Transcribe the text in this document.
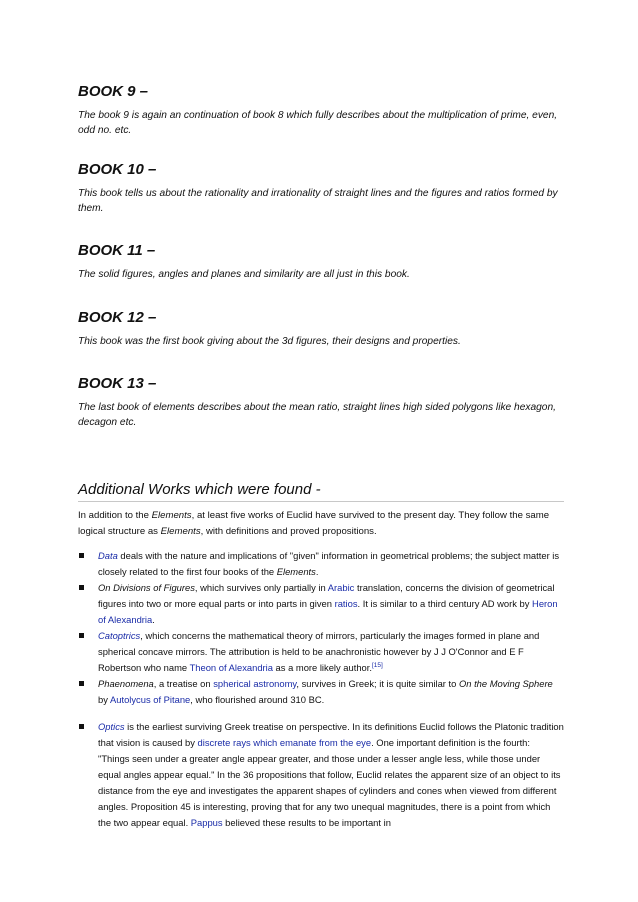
BOOK 9 –

The book 9 is again an continuation of book 8 which fully describes about the multiplication of prime, even, odd no. etc.

BOOK 10 –

This book tells us about the rationality and irrationality of straight lines and the figures and ratios formed by them.

BOOK 11 –

The solid figures, angles and planes and similarity are all just in this book.

BOOK 12 –

This book was the first book giving about the 3d figures, their designs and properties.

BOOK 13 –

The last book of elements describes about the mean ratio, straight lines high sided polygons like hexagon, decagon etc.

Additional Works which were found -

In addition to the Elements, at least five works of Euclid have survived to the present day. They follow the same logical structure as Elements, with definitions and proved propositions.

Data deals with the nature and implications of "given" information in geometrical problems; the subject matter is closely related to the first four books of the Elements.
On Divisions of Figures, which survives only partially in Arabic translation, concerns the division of geometrical figures into two or more equal parts or into parts in given ratios. It is similar to a third century AD work by Heron of Alexandria.
Catoptrics, which concerns the mathematical theory of mirrors, particularly the images formed in plane and spherical concave mirrors. The attribution is held to be anachronistic however by J J O'Connor and E F Robertson who name Theon of Alexandria as a more likely author.[15]
Phaenomena, a treatise on spherical astronomy, survives in Greek; it is quite similar to On the Moving Sphere by Autolycus of Pitane, who flourished around 310 BC.
Optics is the earliest surviving Greek treatise on perspective. In its definitions Euclid follows the Platonic tradition that vision is caused by discrete rays which emanate from the eye. One important definition is the fourth: "Things seen under a greater angle appear greater, and those under a lesser angle less, while those under equal angles appear equal." In the 36 propositions that follow, Euclid relates the apparent size of an object to its distance from the eye and investigates the apparent shapes of cylinders and cones when viewed from different angles. Proposition 45 is interesting, proving that for any two unequal magnitudes, there is a point from which the two appear equal. Pappus believed these results to be important in
